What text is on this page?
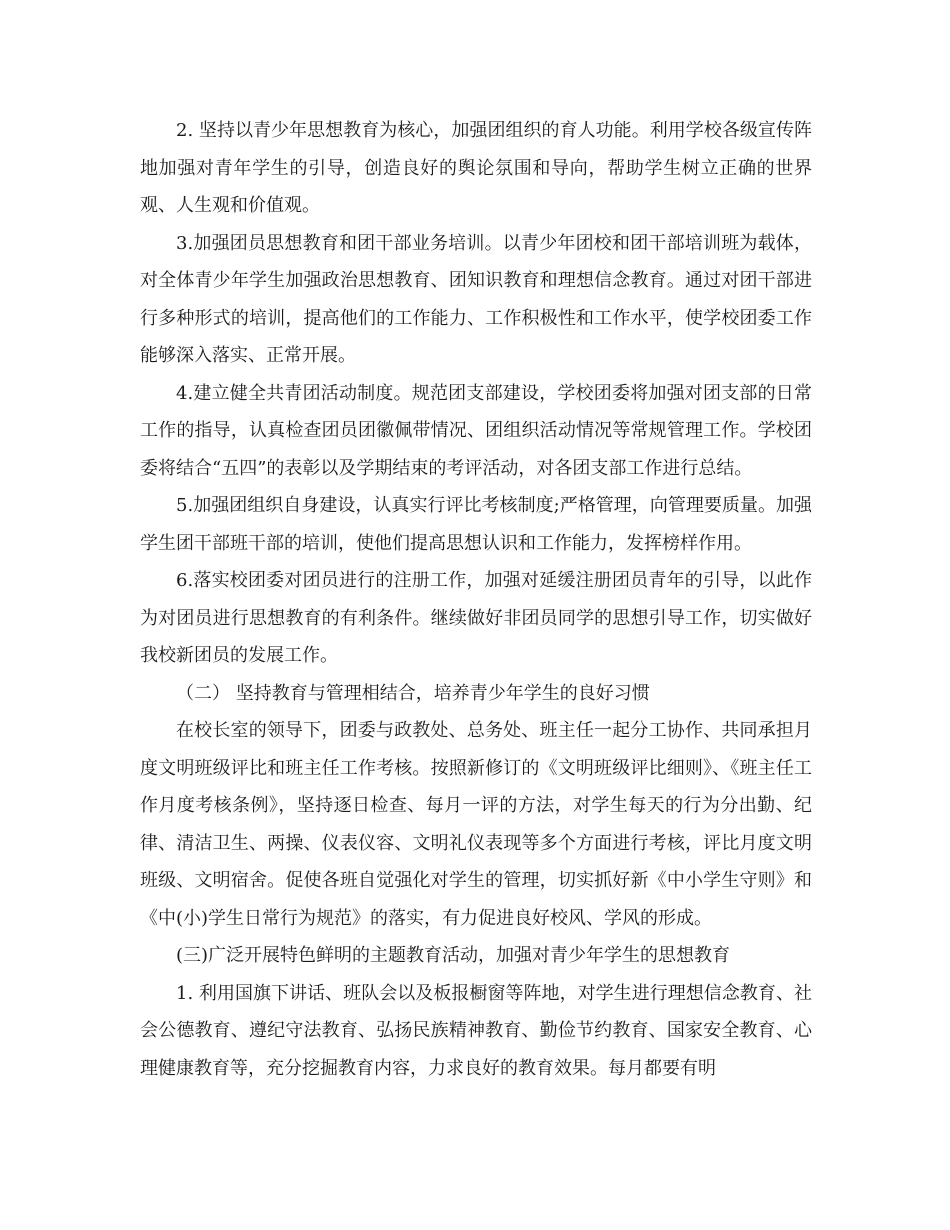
2. 坚持以青少年思想教育为核心，加强团组织的育人功能。利用学校各级宣传阵地加强对青年学生的引导，创造良好的舆论氛围和导向，帮助学生树立正确的世界观、人生观和价值观。

3.加强团员思想教育和团干部业务培训。以青少年团校和团干部培训班为载体，对全体青少年学生加强政治思想教育、团知识教育和理想信念教育。通过对团干部进行多种形式的培训，提高他们的工作能力、工作积极性和工作水平，使学校团委工作能够深入落实、正常开展。

4.建立健全共青团活动制度。规范团支部建设，学校团委将加强对团支部的日常工作的指导，认真检查团员团徽佩带情况、团组织活动情况等常规管理工作。学校团委将结合“五四”的表彰以及学期结束的考评活动，对各团支部工作进行总结。

5.加强团组织自身建设，认真实行评比考核制度;严格管理，向管理要质量。加强学生团干部班干部的培训，使他们提高思想认识和工作能力，发挥榜样作用。

6.落实校团委对团员进行的注册工作，加强对延缓注册团员青年的引导，以此作为对团员进行思想教育的有利条件。继续做好非团员同学的思想引导工作，切实做好我校新团员的发展工作。

（二） 坚持教育与管理相结合，培养青少年学生的良好习惯

在校长室的领导下，团委与政教处、总务处、班主任一起分工协作、共同承担月度文明班级评比和班主任工作考核。按照新修订的《文明班级评比细则》、《班主任工作月度考核条例》，坚持逐日检查、每月一评的方法，对学生每天的行为分出勤、纪律、清洁卫生、两操、仪表仪容、文明礼仪表现等多个方面进行考核，评比月度文明班级、文明宿舍。促使各班自觉强化对学生的管理，切实抓好新《中小学生守则》和《中(小)学生日常行为规范》的落实，有力促进良好校风、学风的形成。

(三)广泛开展特色鲜明的主题教育活动，加强对青少年学生的思想教育

1. 利用国旗下讲话、班队会以及板报橱窗等阵地，对学生进行理想信念教育、社会公德教育、遵纪守法教育、弘扬民族精神教育、勤俭节约教育、国家安全教育、心理健康教育等，充分挖掘教育内容，力求良好的教育效果。每月都要有明
